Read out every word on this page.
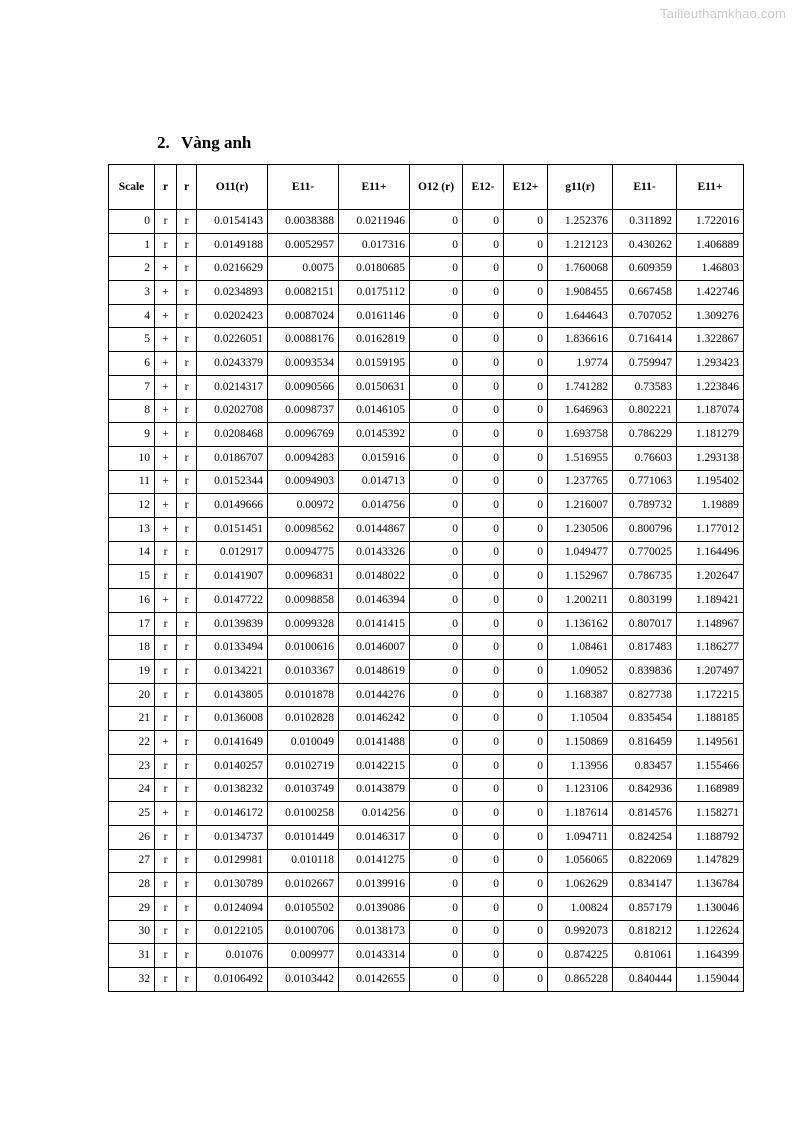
Tailieuthamkhao.com
2. Vàng anh
Scale	r	r	O11(r)	E11-	E11+	O12 (r)	E12-	E12+	g11(r)	E11-	E11+
0	r	r	0.0154143	0.0038388	0.0211946	0	0	0	1.252376	0.311892	1.722016
1	r	r	0.0149188	0.0052957	0.017316	0	0	0	1.212123	0.430262	1.406889
2	+	r	0.0216629	0.0075	0.0180685	0	0	0	1.760068	0.609359	1.46803
3	+	r	0.0234893	0.0082151	0.0175112	0	0	0	1.908455	0.667458	1.422746
4	+	r	0.0202423	0.0087024	0.0161146	0	0	0	1.644643	0.707052	1.309276
5	+	r	0.0226051	0.0088176	0.0162819	0	0	0	1.836616	0.716414	1.322867
6	+	r	0.0243379	0.0093534	0.0159195	0	0	0	1.9774	0.759947	1.293423
7	+	r	0.0214317	0.0090566	0.0150631	0	0	0	1.741282	0.73583	1.223846
8	+	r	0.0202708	0.0098737	0.0146105	0	0	0	1.646963	0.802221	1.187074
9	+	r	0.0208468	0.0096769	0.0145392	0	0	0	1.693758	0.786229	1.181279
10	+	r	0.0186707	0.0094283	0.015916	0	0	0	1.516955	0.76603	1.293138
11	+	r	0.0152344	0.0094903	0.014713	0	0	0	1.237765	0.771063	1.195402
12	+	r	0.0149666	0.00972	0.014756	0	0	0	1.216007	0.789732	1.19889
13	+	r	0.0151451	0.0098562	0.0144867	0	0	0	1.230506	0.800796	1.177012
14	r	r	0.012917	0.0094775	0.0143326	0	0	0	1.049477	0.770025	1.164496
15	r	r	0.0141907	0.0096831	0.0148022	0	0	0	1.152967	0.786735	1.202647
16	+	r	0.0147722	0.0098858	0.0146394	0	0	0	1.200211	0.803199	1.189421
17	r	r	0.0139839	0.0099328	0.0141415	0	0	0	1.136162	0.807017	1.148967
18	r	r	0.0133494	0.0100616	0.0146007	0	0	0	1.08461	0.817483	1.186277
19	r	r	0.0134221	0.0103367	0.0148619	0	0	0	1.09052	0.839836	1.207497
20	r	r	0.0143805	0.0101878	0.0144276	0	0	0	1.168387	0.827738	1.172215
21	r	r	0.0136008	0.0102828	0.0146242	0	0	0	1.10504	0.835454	1.188185
22	+	r	0.0141649	0.010049	0.0141488	0	0	0	1.150869	0.816459	1.149561
23	r	r	0.0140257	0.0102719	0.0142215	0	0	0	1.13956	0.83457	1.155466
24	r	r	0.0138232	0.0103749	0.0143879	0	0	0	1.123106	0.842936	1.168989
25	+	r	0.0146172	0.0100258	0.014256	0	0	0	1.187614	0.814576	1.158271
26	r	r	0.0134737	0.0101449	0.0146317	0	0	0	1.094711	0.824254	1.188792
27	r	r	0.0129981	0.010118	0.0141275	0	0	0	1.056065	0.822069	1.147829
28	r	r	0.0130789	0.0102667	0.0139916	0	0	0	1.062629	0.834147	1.136784
29	r	r	0.0124094	0.0105502	0.0139086	0	0	0	1.00824	0.857179	1.130046
30	r	r	0.0122105	0.0100706	0.0138173	0	0	0	0.992073	0.818212	1.122624
31	r	r	0.01076	0.009977	0.0143314	0	0	0	0.874225	0.81061	1.164399
32	r	r	0.0106492	0.0103442	0.0142655	0	0	0	0.865228	0.840444	1.159044
